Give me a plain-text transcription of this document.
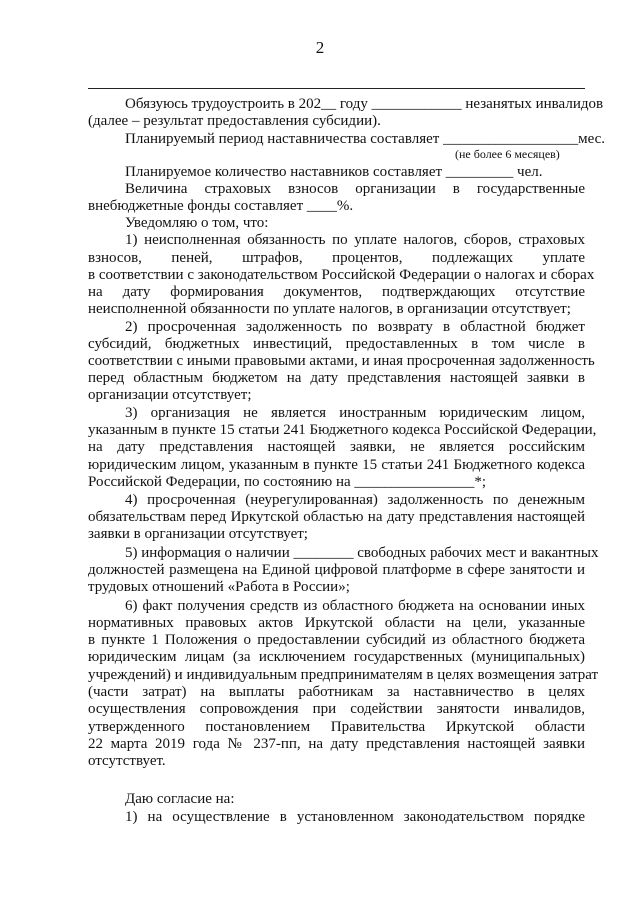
2
Обязуюсь трудоустроить в 202__ году ____________ незанятых инвалидов
(далее – результат предоставления субсидии).
Планируемый период наставничества составляет __________________мес.
(не более 6 месяцев)
Планируемое количество наставников составляет _________ чел.
Величина страховых взносов организации в государственные
внебюджетные фонды составляет ____%.
Уведомляю о том, что:
1) неисполненная обязанность по уплате налогов, сборов, страховых
взносов, пеней, штрафов, процентов, подлежащих уплате
в соответствии с законодательством Российской Федерации о налогах и сборах
на дату формирования документов, подтверждающих отсутствие
неисполненной обязанности по уплате налогов, в организации отсутствует;
2) просроченная задолженность по возврату в областной бюджет
субсидий, бюджетных инвестиций, предоставленных в том числе в
соответствии с иными правовыми актами, и иная просроченная задолженность
перед областным бюджетом на дату представления настоящей заявки в
организации отсутствует;
3) организация не является иностранным юридическим лицом,
указанным в пункте 15 статьи 241 Бюджетного кодекса Российской Федерации,
на дату представления настоящей заявки, не является российским
юридическим лицом, указанным в пункте 15 статьи 241 Бюджетного кодекса
Российской Федерации, по состоянию на ________________*;
4) просроченная (неурегулированная) задолженность по денежным
обязательствам перед Иркутской областью на дату представления настоящей
заявки в организации отсутствует;
5) информация о наличии ________ свободных рабочих мест и вакантных
должностей размещена на Единой цифровой платформе в сфере занятости и
трудовых отношений «Работа в России»;
6) факт получения средств из областного бюджета на основании иных
нормативных правовых актов Иркутской области на цели, указанные
в пункте 1 Положения о предоставлении субсидий из областного бюджета
юридическим лицам (за исключением государственных (муниципальных)
учреждений) и индивидуальным предпринимателям в целях возмещения затрат
(части затрат) на выплаты работникам за наставничество в целях
осуществления сопровождения при содействии занятости инвалидов,
утвержденного постановлением Правительства Иркутской области
22 марта 2019 года № 237-пп, на дату представления настоящей заявки
отсутствует.
Даю согласие на:
1) на осуществление в установленном законодательством порядке
